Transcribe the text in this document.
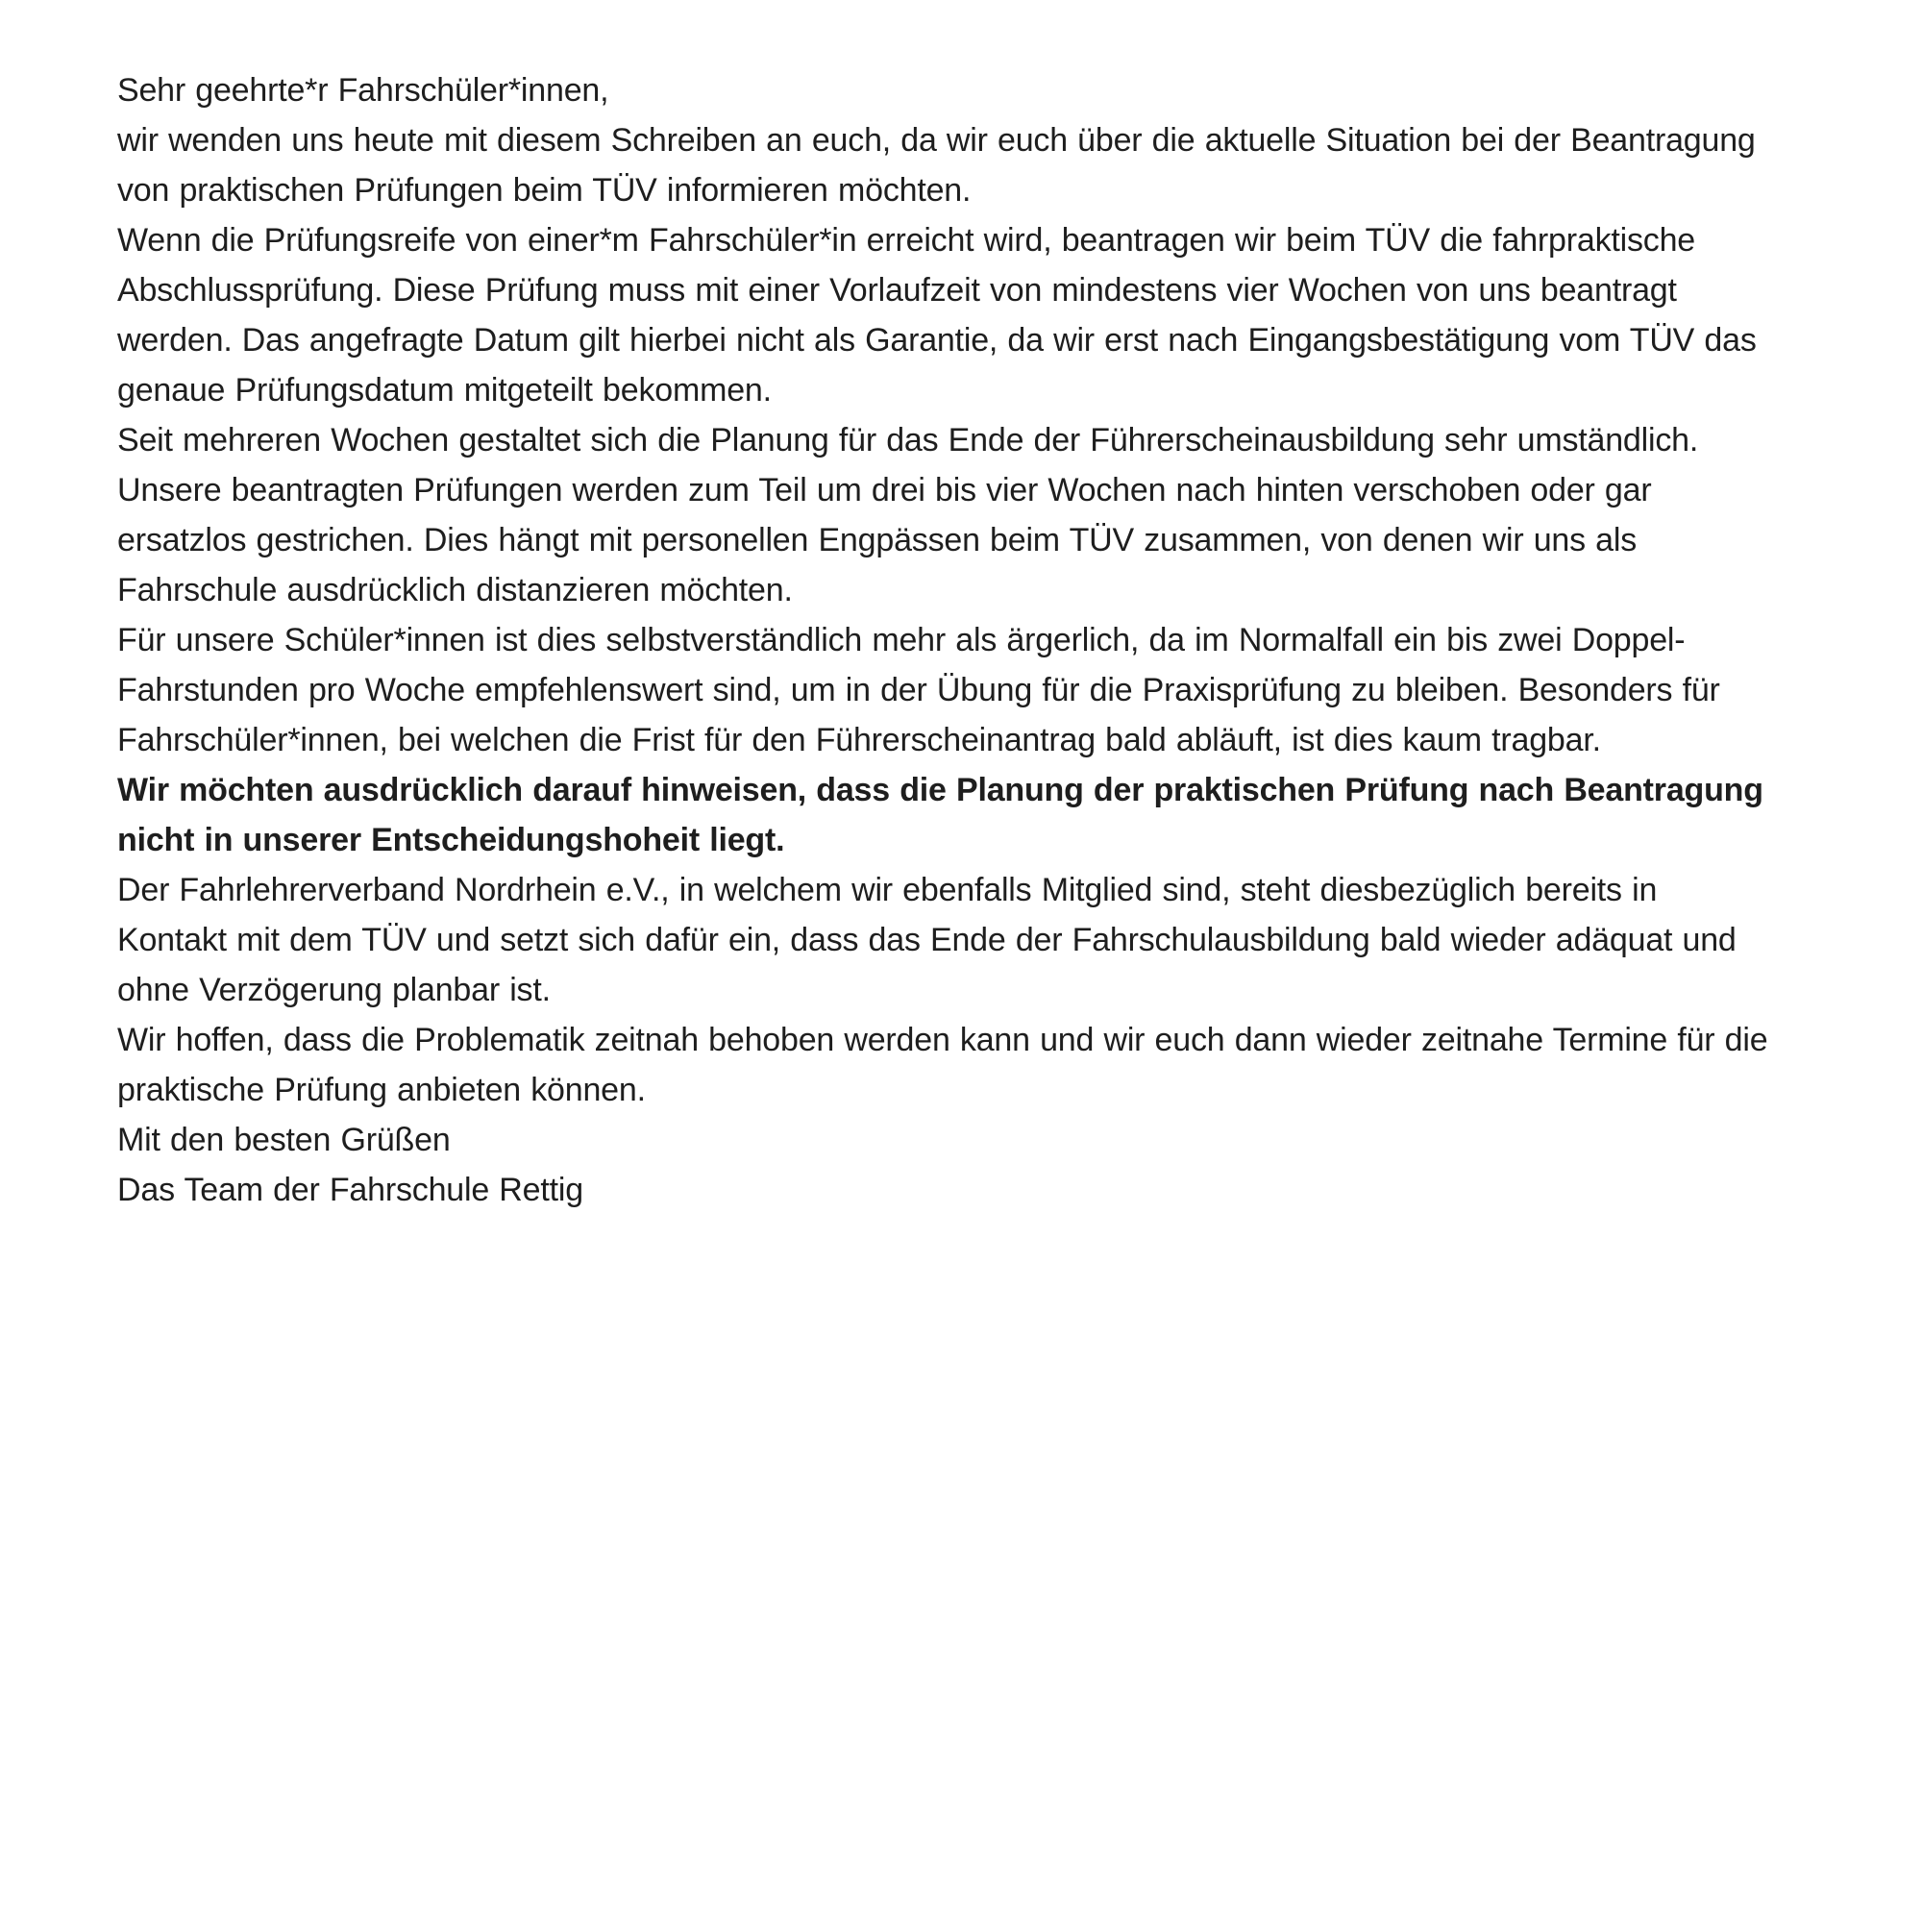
Sehr geehrte*r Fahrschüler*innen,

wir wenden uns heute mit diesem Schreiben an euch, da wir euch über die aktuelle Situation bei der Beantragung von praktischen Prüfungen beim TÜV informieren möchten.

Wenn die Prüfungsreife von einer*m Fahrschüler*in erreicht wird, beantragen wir beim TÜV die fahrpraktische Abschlussprüfung. Diese Prüfung muss mit einer Vorlaufzeit von mindestens vier Wochen von uns beantragt werden. Das angefragte Datum gilt hierbei nicht als Garantie, da wir erst nach Eingangsbestätigung vom TÜV das genaue Prüfungsdatum mitgeteilt bekommen.

Seit mehreren Wochen gestaltet sich die Planung für das Ende der Führerscheinausbildung sehr umständlich. Unsere beantragten Prüfungen werden zum Teil um drei bis vier Wochen nach hinten verschoben oder gar ersatzlos gestrichen. Dies hängt mit personellen Engpässen beim TÜV zusammen, von denen wir uns als Fahrschule ausdrücklich distanzieren möchten.

Für unsere Schüler*innen ist dies selbstverständlich mehr als ärgerlich, da im Normalfall ein bis zwei Doppel-Fahrstunden pro Woche empfehlenswert sind, um in der Übung für die Praxisprüfung zu bleiben. Besonders für Fahrschüler*innen, bei welchen die Frist für den Führerscheinantrag bald abläuft, ist dies kaum tragbar.

Wir möchten ausdrücklich darauf hinweisen, dass die Planung der praktischen Prüfung nach Beantragung nicht in unserer Entscheidungshoheit liegt.

Der Fahrlehrerverband Nordrhein e.V., in welchem wir ebenfalls Mitglied sind, steht diesbezüglich bereits in Kontakt mit dem TÜV und setzt sich dafür ein, dass das Ende der Fahrschulausbildung bald wieder adäquat und ohne Verzögerung planbar ist.

Wir hoffen, dass die Problematik zeitnah behoben werden kann und wir euch dann wieder zeitnahe Termine für die praktische Prüfung anbieten können.

Mit den besten Grüßen

Das Team der Fahrschule Rettig
